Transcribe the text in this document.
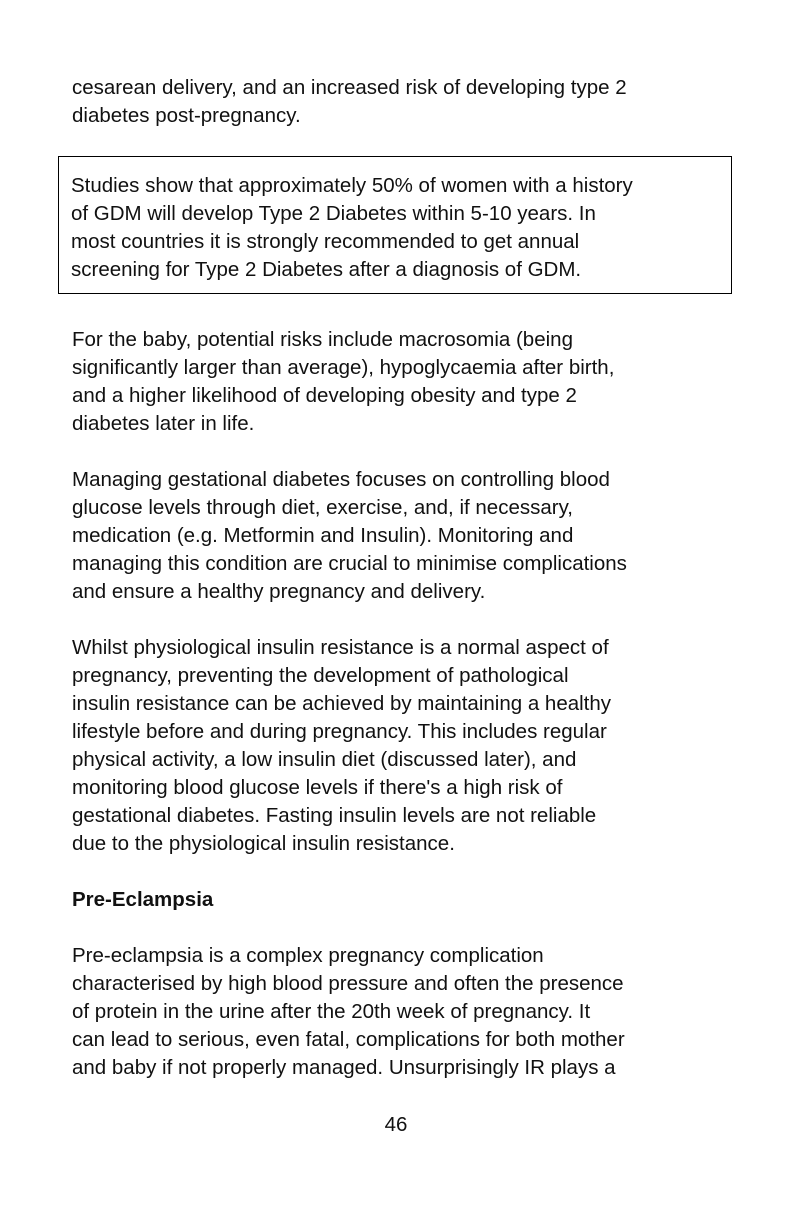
cesarean delivery, and an increased risk of developing type 2
diabetes post-pregnancy.

Studies show that approximately 50% of women with a history
of GDM will develop Type 2 Diabetes within 5-10 years. In
most countries it is strongly recommended to get annual
screening for Type 2 Diabetes after a diagnosis of GDM.

For the baby, potential risks include macrosomia (being
significantly larger than average), hypoglycaemia after birth,
and a higher likelihood of developing obesity and type 2
diabetes later in life.

Managing gestational diabetes focuses on controlling blood
glucose levels through diet, exercise, and, if necessary,
medication (e.g. Metformin and Insulin). Monitoring and
managing this condition are crucial to minimise complications
and ensure a healthy pregnancy and delivery.

Whilst physiological insulin resistance is a normal aspect of
pregnancy, preventing the development of pathological
insulin resistance can be achieved by maintaining a healthy
lifestyle before and during pregnancy. This includes regular
physical activity, a low insulin diet (discussed later), and
monitoring blood glucose levels if there's a high risk of
gestational diabetes. Fasting insulin levels are not reliable
due to the physiological insulin resistance.

Pre-Eclampsia

Pre-eclampsia is a complex pregnancy complication
characterised by high blood pressure and often the presence
of protein in the urine after the 20th week of pregnancy. It
can lead to serious, even fatal, complications for both mother
and baby if not properly managed. Unsurprisingly IR plays a

46
